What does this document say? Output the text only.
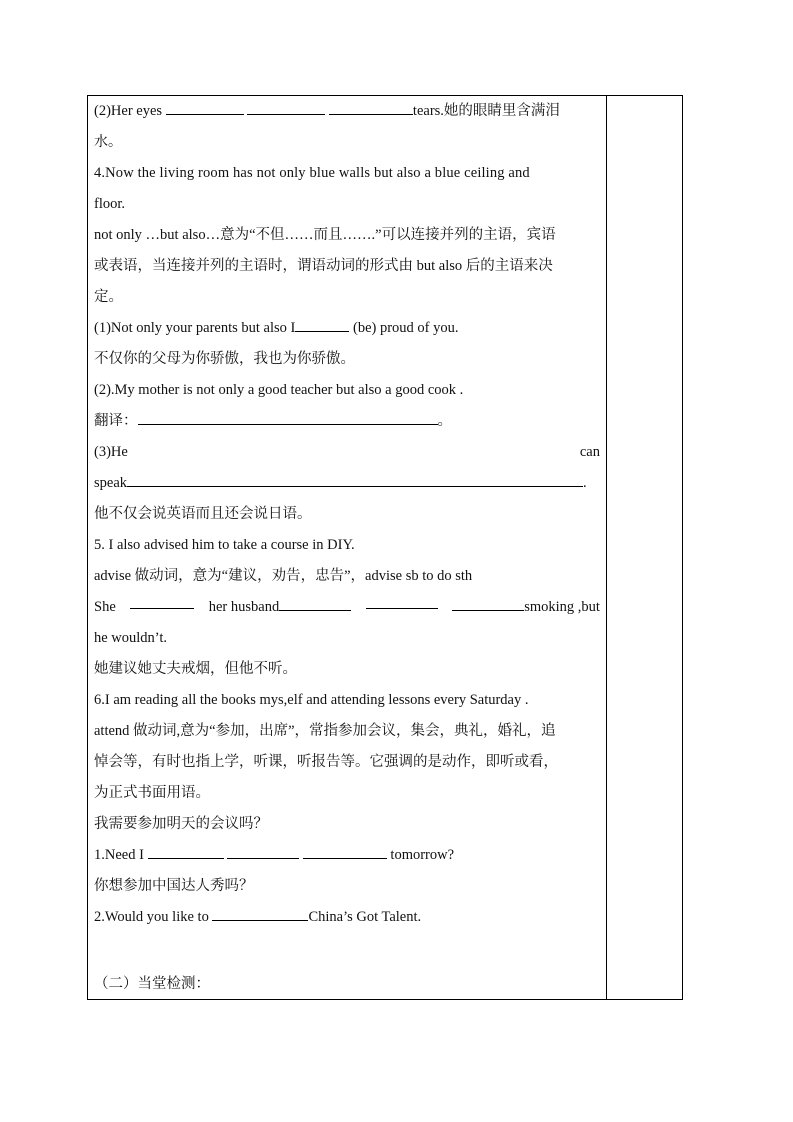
(2)Her eyes	tears.她的眼睛里含满泪
水。
4.Now the living room has not only blue walls but also a blue ceiling and
floor.
not only …but also…意为“不但……而且…….”可以连接并列的主语，宾语
或表语，当连接并列的主语时，谓语动词的形式由 but also 后的主语来决
定。
(1)Not only your parents but also I	(be) proud of you.
不仅你的父母为你骄傲，我也为你骄傲。
(2).My mother is not only a good teacher but also a good cook .
翻译：	。
(3)He	can
speak	.
他不仅会说英语而且还会说日语。
5. I also advised him to take a course in DIY.
advise 做动词，意为“建议，劝告，忠告”，advise sb to do sth
She	her husband	smoking ,but
he wouldn’t.
她建议她丈夫戒烟，但他不听。
6.I am reading all the books mys,elf and attending lessons every Saturday .
attend 做动词,意为“参加，出席”，常指参加会议，集会，典礼，婚礼，追
悼会等，有时也指上学，听课，听报告等。它强调的是动作，即听或看，
为正式书面用语。
我需要参加明天的会议吗？
1.Need I	tomorrow?
你想参加中国达人秀吗？
2.Would you like to	China’s Got Talent.
（二）当堂检测：
